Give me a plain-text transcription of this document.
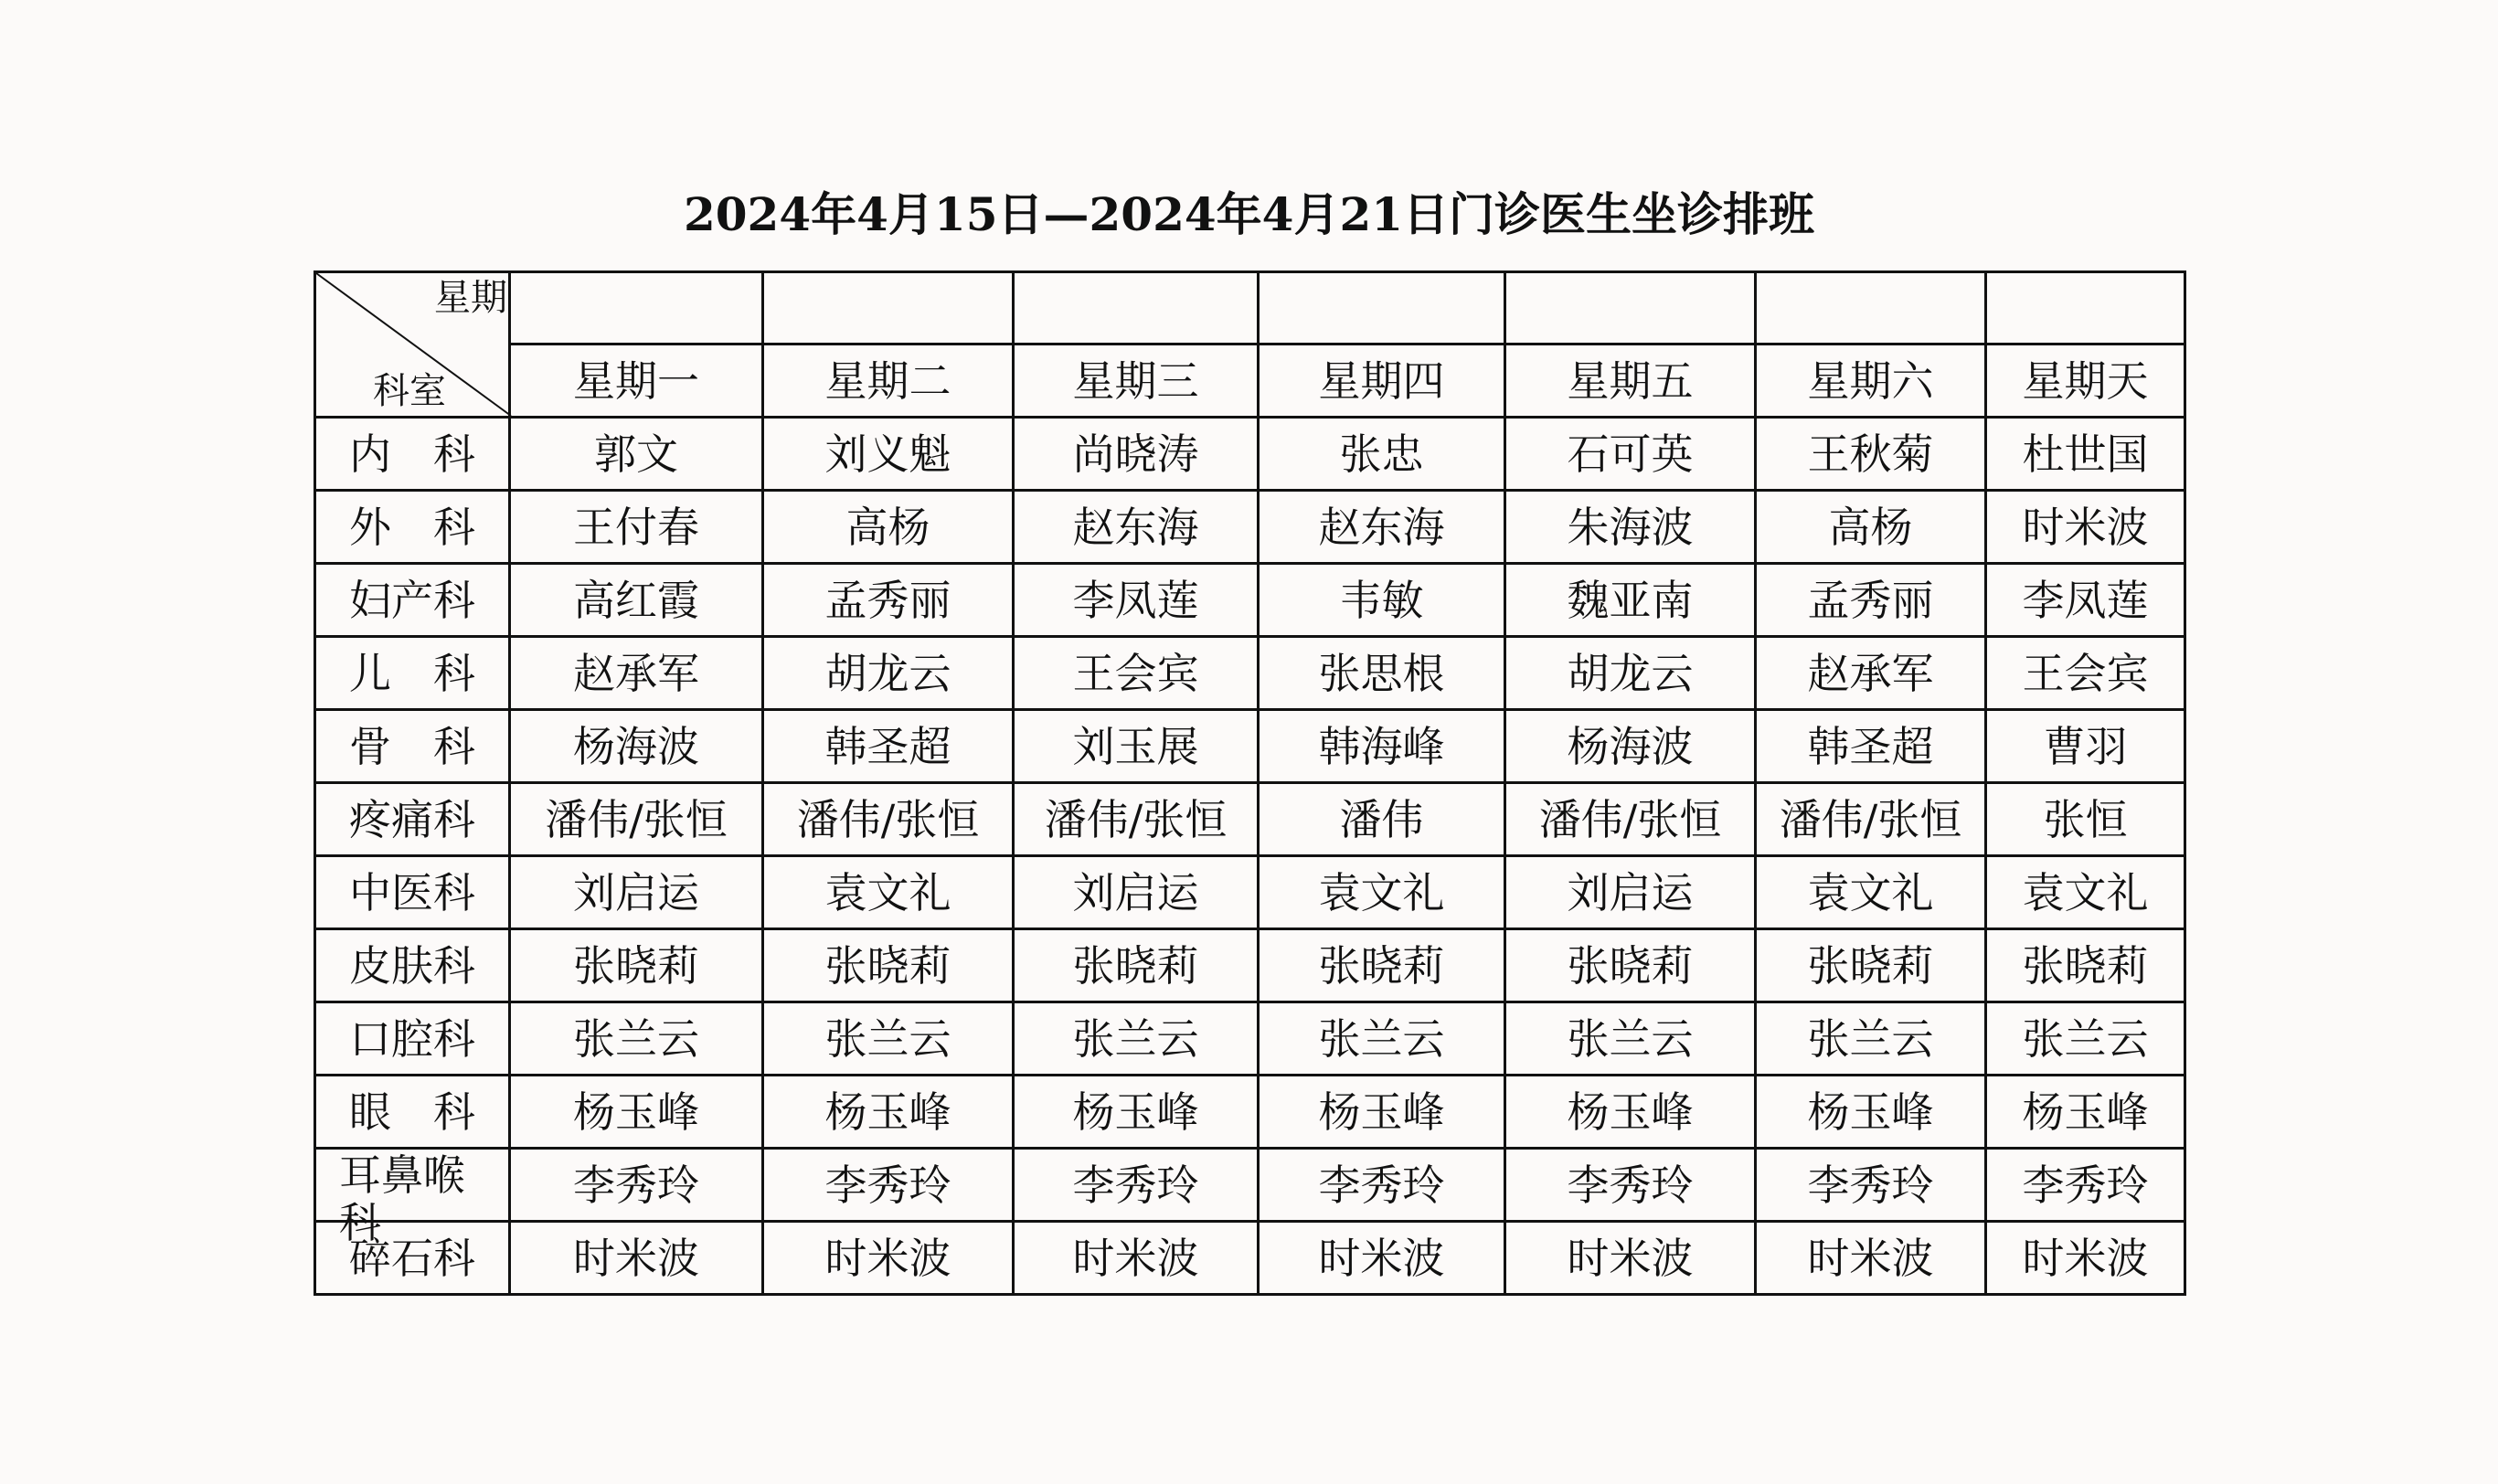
2024年4月15日—2024年4月21日门诊医生坐诊排班
星期
科室							

	星期一	星期二	星期三	星期四	星期五	星期六	星期天
内　科	郭文	刘义魁	尚晓涛	张忠	石可英	王秋菊	杜世国
外　科	王付春	高杨	赵东海	赵东海	朱海波	高杨	时米波
妇产科	高红霞	孟秀丽	李凤莲	韦敏	魏亚南	孟秀丽	李凤莲
儿　科	赵承军	胡龙云	王会宾	张思根	胡龙云	赵承军	王会宾
骨　科	杨海波	韩圣超	刘玉展	韩海峰	杨海波	韩圣超	曹羽
疼痛科	潘伟/张恒	潘伟/张恒	潘伟/张恒	潘伟	潘伟/张恒	潘伟/张恒	张恒
中医科	刘启运	袁文礼	刘启运	袁文礼	刘启运	袁文礼	袁文礼
皮肤科	张晓莉	张晓莉	张晓莉	张晓莉	张晓莉	张晓莉	张晓莉
口腔科	张兰云	张兰云	张兰云	张兰云	张兰云	张兰云	张兰云
眼　科	杨玉峰	杨玉峰	杨玉峰	杨玉峰	杨玉峰	杨玉峰	杨玉峰

耳鼻喉科	李秀玲	李秀玲	李秀玲	李秀玲	李秀玲	李秀玲	李秀玲
碎石科	时米波	时米波	时米波	时米波	时米波	时米波	时米波
